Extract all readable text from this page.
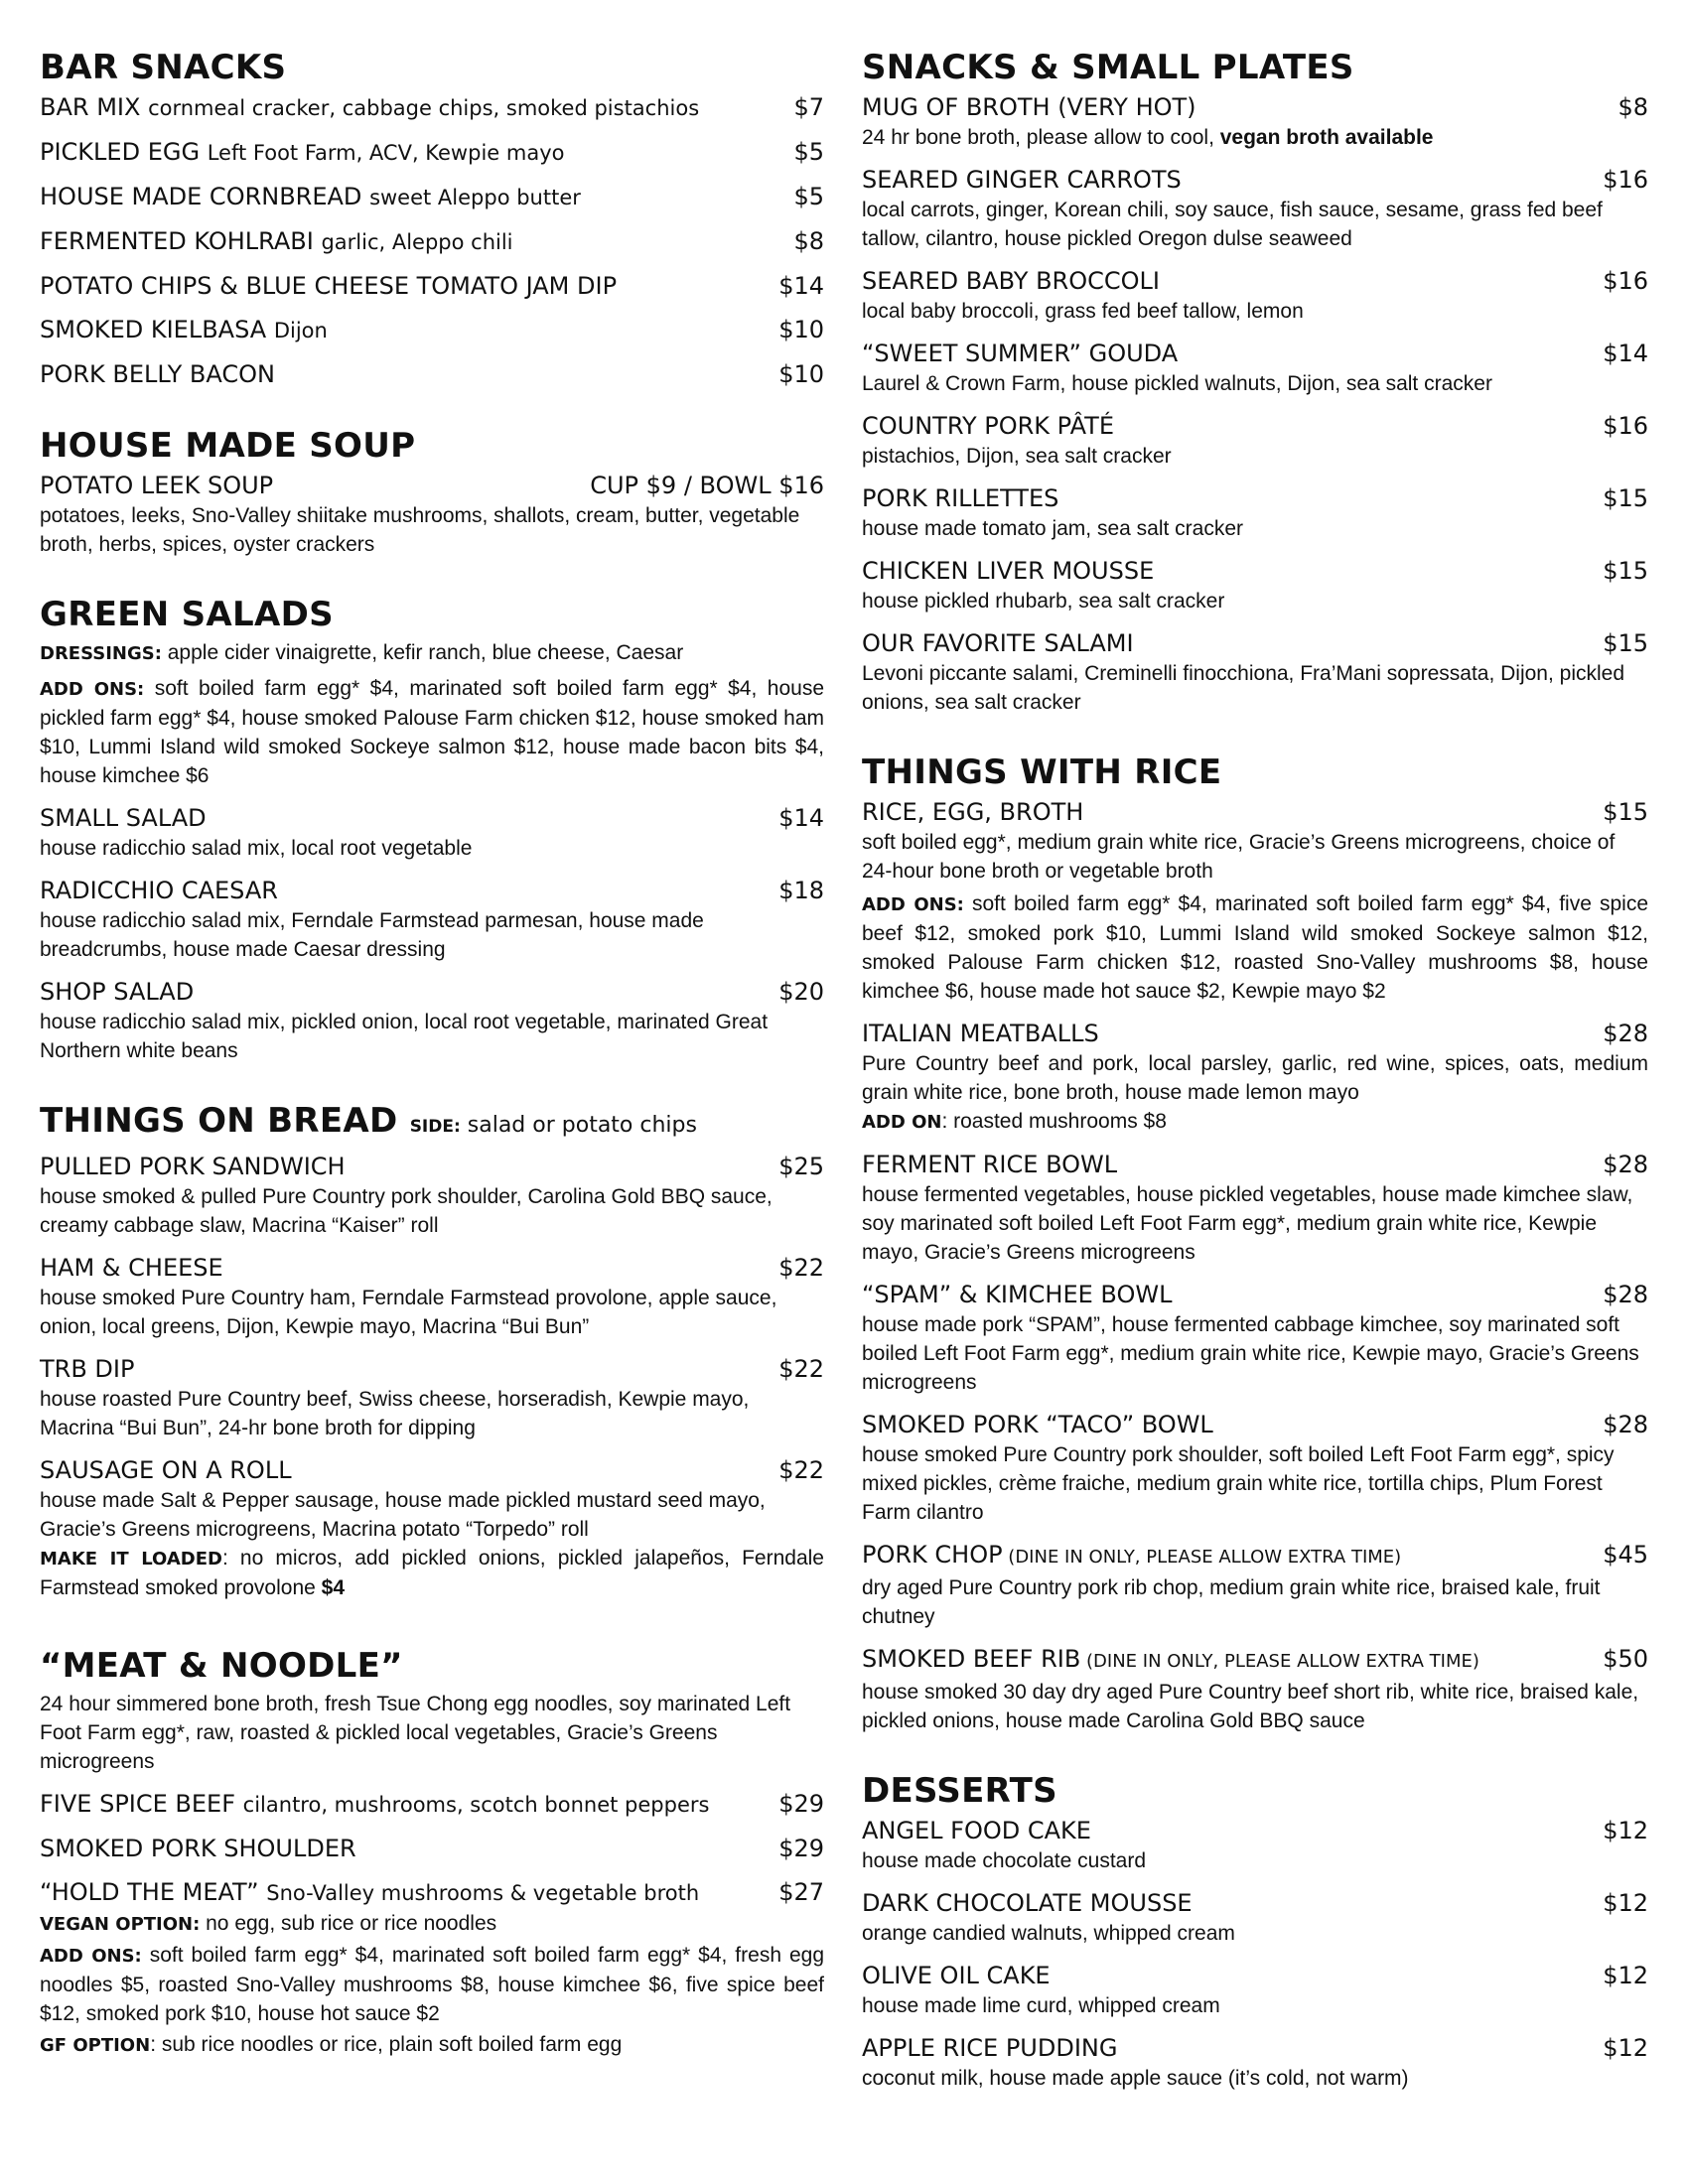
BAR SNACKS
BAR MIX cornmeal cracker, cabbage chips, smoked pistachios	$7
PICKLED EGG Left Foot Farm, ACV, Kewpie mayo	$5
HOUSE MADE CORNBREAD sweet Aleppo butter	$5
FERMENTED KOHLRABI garlic, Aleppo chili	$8
POTATO CHIPS & BLUE CHEESE TOMATO JAM DIP	$14
SMOKED KIELBASA Dijon	$10
PORK BELLY BACON	$10
HOUSE MADE SOUP
POTATO LEEK SOUP	CUP $9 / BOWL $16
potatoes, leeks, Sno-Valley shiitake mushrooms, shallots, cream, butter, vegetable broth, herbs, spices, oyster crackers
GREEN SALADS
DRESSINGS: apple cider vinaigrette, kefir ranch, blue cheese, Caesar
ADD ONS: soft boiled farm egg* $4, marinated soft boiled farm egg* $4, house pickled farm egg* $4, house smoked Palouse Farm chicken $12, house smoked ham $10, Lummi Island wild smoked Sockeye salmon $12, house made bacon bits $4, house kimchee $6
SMALL SALAD	$14
house radicchio salad mix, local root vegetable
RADICCHIO CAESAR	$18
house radicchio salad mix, Ferndale Farmstead parmesan, house made breadcrumbs, house made Caesar dressing
SHOP SALAD	$20
house radicchio salad mix, pickled onion, local root vegetable, marinated Great Northern white beans
THINGS ON BREAD SIDE: salad or potato chips
PULLED PORK SANDWICH	$25
house smoked & pulled Pure Country pork shoulder, Carolina Gold BBQ sauce, creamy cabbage slaw, Macrina “Kaiser” roll
HAM & CHEESE	$22
house smoked Pure Country ham, Ferndale Farmstead provolone, apple sauce, onion, local greens, Dijon, Kewpie mayo, Macrina “Bui Bun”
TRB DIP	$22
house roasted Pure Country beef, Swiss cheese, horseradish, Kewpie mayo, Macrina “Bui Bun”, 24-hr bone broth for dipping
SAUSAGE ON A ROLL	$22
house made Salt & Pepper sausage, house made pickled mustard seed mayo, Gracie’s Greens microgreens, Macrina potato “Torpedo” roll
MAKE IT LOADED: no micros, add pickled onions, pickled jalapeños, Ferndale Farmstead smoked provolone $4
“MEAT & NOODLE”
24 hour simmered bone broth, fresh Tsue Chong egg noodles, soy marinated Left Foot Farm egg*, raw, roasted & pickled local vegetables, Gracie’s Greens microgreens
FIVE SPICE BEEF cilantro, mushrooms, scotch bonnet peppers	$29
SMOKED PORK SHOULDER	$29
“HOLD THE MEAT” Sno-Valley mushrooms & vegetable broth	$27
VEGAN OPTION: no egg, sub rice or rice noodles
ADD ONS: soft boiled farm egg* $4, marinated soft boiled farm egg* $4, fresh egg noodles $5, roasted Sno-Valley mushrooms $8, house kimchee $6, five spice beef $12, smoked pork $10, house hot sauce $2
GF OPTION: sub rice noodles or rice, plain soft boiled farm egg
SNACKS & SMALL PLATES
MUG OF BROTH (VERY HOT)	$8
24 hr bone broth, please allow to cool, vegan broth available
SEARED GINGER CARROTS	$16
local carrots, ginger, Korean chili, soy sauce, fish sauce, sesame, grass fed beef tallow, cilantro, house pickled Oregon dulse seaweed
SEARED BABY BROCCOLI	$16
local baby broccoli, grass fed beef tallow, lemon
“SWEET SUMMER” GOUDA	$14
Laurel & Crown Farm, house pickled walnuts, Dijon, sea salt cracker
COUNTRY PORK PÂTÉ	$16
pistachios, Dijon, sea salt cracker
PORK RILLETTES	$15
house made tomato jam, sea salt cracker
CHICKEN LIVER MOUSSE	$15
house pickled rhubarb, sea salt cracker
OUR FAVORITE SALAMI	$15
Levoni piccante salami, Creminelli finocchiona, Fra’Mani sopressata, Dijon, pickled onions, sea salt cracker
THINGS WITH RICE
RICE, EGG, BROTH	$15
soft boiled egg*, medium grain white rice, Gracie’s Greens microgreens, choice of 24-hour bone broth or vegetable broth
ADD ONS: soft boiled farm egg* $4, marinated soft boiled farm egg* $4, five spice beef $12, smoked pork $10, Lummi Island wild smoked Sockeye salmon $12, smoked Palouse Farm chicken $12, roasted Sno-Valley mushrooms $8, house kimchee $6, house made hot sauce $2, Kewpie mayo $2
ITALIAN MEATBALLS	$28
Pure Country beef and pork, local parsley, garlic, red wine, spices, oats, medium grain white rice, bone broth, house made lemon mayo
ADD ON: roasted mushrooms $8
FERMENT RICE BOWL	$28
house fermented vegetables, house pickled vegetables, house made kimchee slaw, soy marinated soft boiled Left Foot Farm egg*, medium grain white rice, Kewpie mayo, Gracie’s Greens microgreens
“SPAM” & KIMCHEE BOWL	$28
house made pork “SPAM”, house fermented cabbage kimchee, soy marinated soft boiled Left Foot Farm egg*, medium grain white rice, Kewpie mayo, Gracie’s Greens microgreens
SMOKED PORK “TACO” BOWL	$28
house smoked Pure Country pork shoulder, soft boiled Left Foot Farm egg*, spicy mixed pickles, crème fraiche, medium grain white rice, tortilla chips, Plum Forest Farm cilantro
PORK CHOP (DINE IN ONLY, PLEASE ALLOW EXTRA TIME)	$45
dry aged Pure Country pork rib chop, medium grain white rice, braised kale, fruit chutney
SMOKED BEEF RIB (DINE IN ONLY, PLEASE ALLOW EXTRA TIME)	$50
house smoked 30 day dry aged Pure Country beef short rib, white rice, braised kale, pickled onions, house made Carolina Gold BBQ sauce
DESSERTS
ANGEL FOOD CAKE	$12
house made chocolate custard
DARK CHOCOLATE MOUSSE	$12
orange candied walnuts, whipped cream
OLIVE OIL CAKE	$12
house made lime curd, whipped cream
APPLE RICE PUDDING	$12
coconut milk, house made apple sauce (it’s cold, not warm)
